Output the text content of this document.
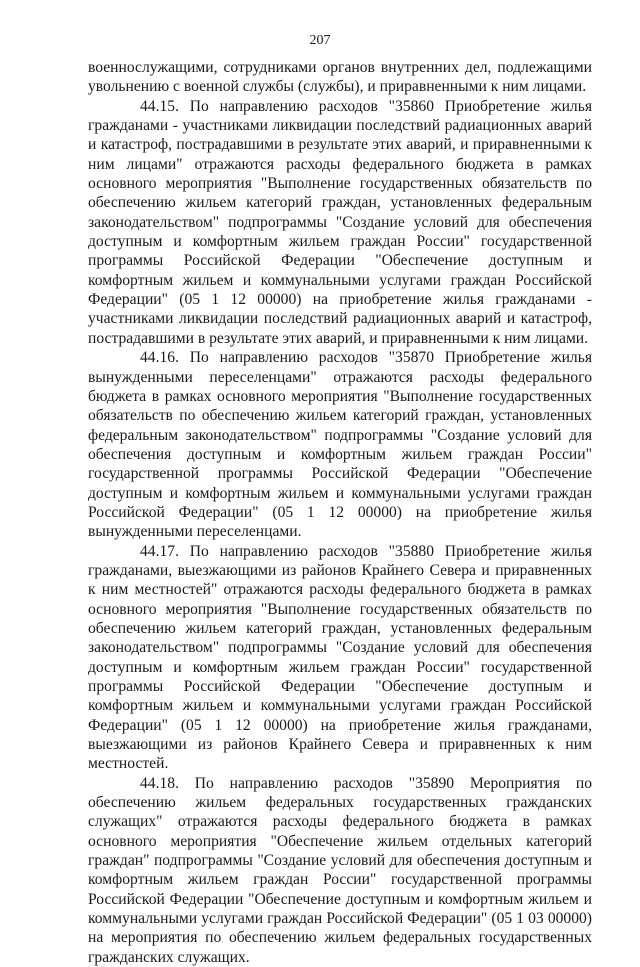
207

военнослужащими, сотрудниками органов внутренних дел, подлежащими увольнению с военной службы (службы), и приравненными к ним лицами.

44.15. По направлению расходов "35860 Приобретение жилья гражданами - участниками ликвидации последствий радиационных аварий и катастроф, пострадавшими в результате этих аварий, и приравненными к ним лицами" отражаются расходы федерального бюджета в рамках основного мероприятия "Выполнение государственных обязательств по обеспечению жильем категорий граждан, установленных федеральным законодательством" подпрограммы "Создание условий для обеспечения доступным и комфортным жильем граждан России" государственной программы Российской Федерации "Обеспечение доступным и комфортным жильем и коммунальными услугами граждан Российской Федерации" (05 1 12 00000) на приобретение жилья гражданами - участниками ликвидации последствий радиационных аварий и катастроф, пострадавшими в результате этих аварий, и приравненными к ним лицами.

44.16. По направлению расходов "35870 Приобретение жилья вынужденными переселенцами" отражаются расходы федерального бюджета в рамках основного мероприятия "Выполнение государственных обязательств по обеспечению жильем категорий граждан, установленных федеральным законодательством" подпрограммы "Создание условий для обеспечения доступным и комфортным жильем граждан России" государственной программы Российской Федерации "Обеспечение доступным и комфортным жильем и коммунальными услугами граждан Российской Федерации" (05 1 12 00000) на приобретение жилья вынужденными переселенцами.

44.17. По направлению расходов "35880 Приобретение жилья гражданами, выезжающими из районов Крайнего Севера и приравненных к ним местностей" отражаются расходы федерального бюджета в рамках основного мероприятия "Выполнение государственных обязательств по обеспечению жильем категорий граждан, установленных федеральным законодательством" подпрограммы "Создание условий для обеспечения доступным и комфортным жильем граждан России" государственной программы Российской Федерации "Обеспечение доступным и комфортным жильем и коммунальными услугами граждан Российской Федерации" (05 1 12 00000) на приобретение жилья гражданами, выезжающими из районов Крайнего Севера и приравненных к ним местностей.

44.18. По направлению расходов "35890 Мероприятия по обеспечению жильем федеральных государственных гражданских служащих" отражаются расходы федерального бюджета в рамках основного мероприятия "Обеспечение жильем отдельных категорий граждан" подпрограммы "Создание условий для обеспечения доступным и комфортным жильем граждан России" государственной программы Российской Федерации "Обеспечение доступным и комфортным жильем и коммунальными услугами граждан Российской Федерации" (05 1 03 00000) на мероприятия по обеспечению жильем федеральных государственных гражданских служащих.
